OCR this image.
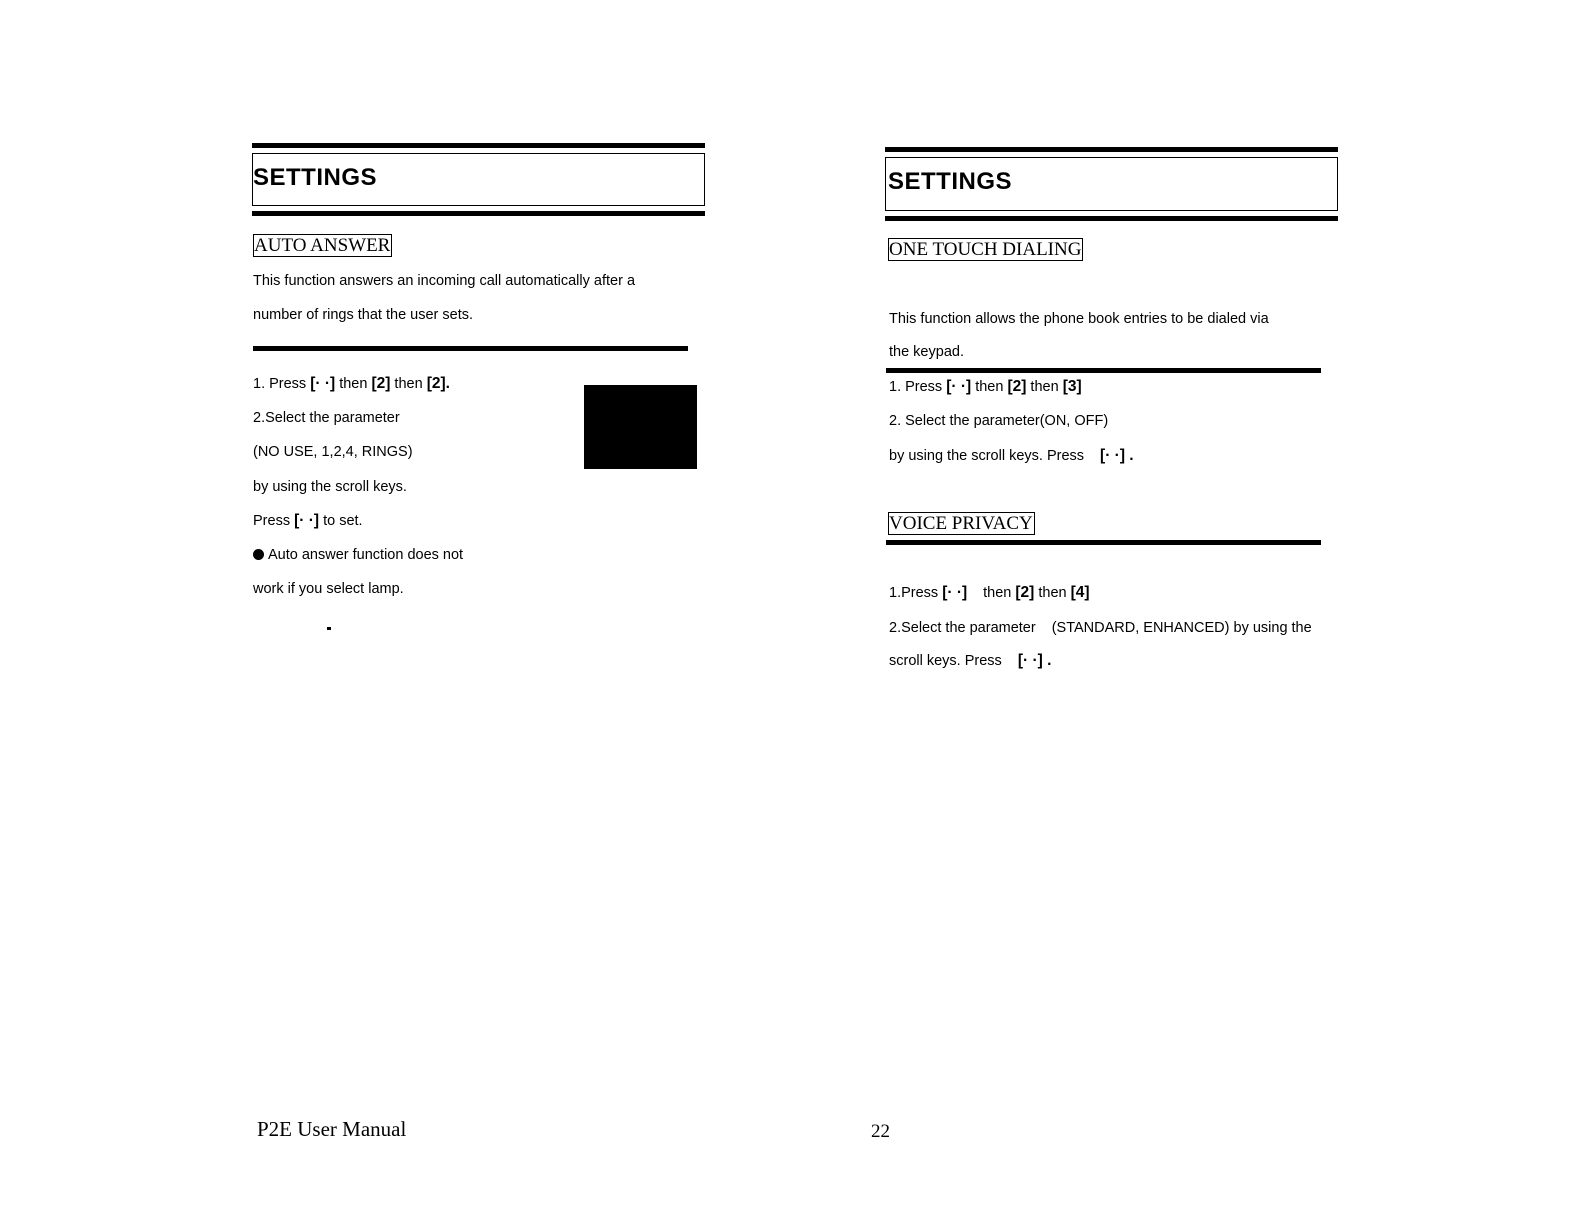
SETTINGS
AUTO ANSWER
This function answers an incoming call automatically after a
number of rings that the user sets.
1. Press [· ·] then [2] then [2].
2.Select the parameter
(NO USE, 1,2,4, RINGS)
by using the scroll keys.
Press [· ·] to set.
Auto answer function does not
work if you select lamp.
SETTINGS
ONE TOUCH DIALING
This function allows the phone book entries to be dialed via
the keypad.
1. Press [· ·] then [2] then [3]
2. Select the parameter(ON, OFF)
by using the scroll keys. Press [· ·] .
VOICE PRIVACY
1.Press [· ·] then [2] then [4]
2.Select the parameter (STANDARD, ENHANCED) by using the
scroll keys. Press [· ·] .
P2E User Manual	22
